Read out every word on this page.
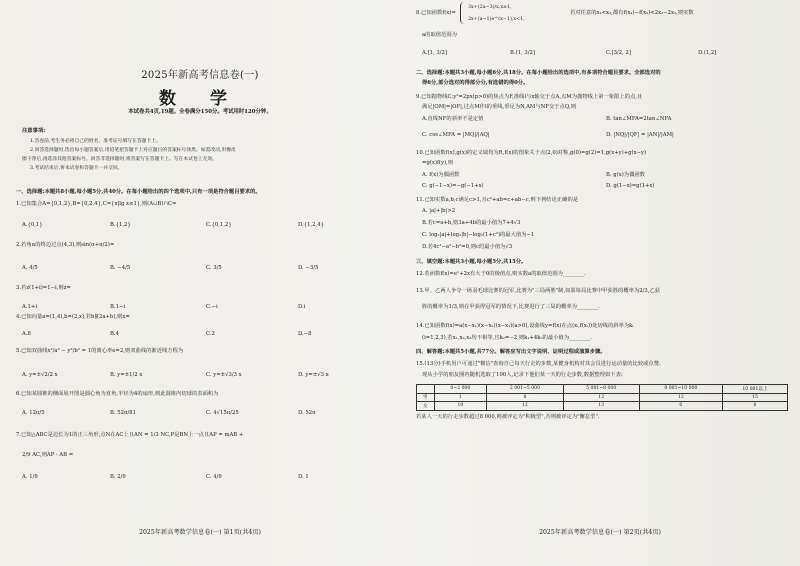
2025年新高考信息卷(一)
数 学
本试卷共4页,19题。全卷满分150分。考试用时120分钟。
注意事项:
1.答卷前,考生务必将自己的姓名、准考证号填写在答题卡上。
2.回答选择题时,选出每小题答案后,用铅笔把答题卡上对应题目的答案标号涂黑。如需改动,用橡皮
擦干净后,再选涂其他答案标号。回答非选择题时,将答案写在答题卡上。写在本试卷上无效。
3.考试结束后,将本试卷和答题卡一并交回。
一、选择题:本题共8小题,每小题5分,共40分。在每小题给出的四个选项中,只有一项是符合题目要求的。
1.已知集合A={0,1,2},B={0,2,4},C={x|lg x≤1},则(A∪B)∩C=
A.{0,1}	B.{1,2}	C.{0,1,2}	D.{1,2,4}
2.若角α的终边过点(4,3),则sin(α+π/2)=
A. 4/5	B. −4/5	C. 3/5	D. −3/5
3.若z(1+i)=1−i,则z=
A.1+i	B.1−i	C.−i	D.i
4.已知向量a=(1,4),b=(2,x),若b∥(2a+b),则x=
A.8	B.4	C.2	D.−8
5.已知双曲线x²/a² − y²/b² = 1的离心率e=2,则双曲线的渐近线方程为
A. y=±√2/2 x	B. y=±1/2 x	C. y=±√3/3 x	D. y=±√3 x
6.已知某圆锥的侧面展开图是圆心角为直角,半径为4的扇形,则此圆锥内切球的表面积为
A. 12π/5	B. 52π/81	C. 4√15π/25	D. 52π
7.已知△ABC是边长为1的正三角形,点N在AC上且AN = 1/3 NC,P是BN上一点且AP = mAB +
2/9 AC,则AP · AB =
A. 1/9	B. 2/9	C. 4/9	D. 1
2025年新高考数学信息卷(一) 第1页(共4页)
8.已知函数f(x)=
3x+(2a−3)/x,x≥1,
2x+(a−1)e^(x−1),x<1,
若对任意的x₁<x₂,都有f(x₁)−f(x₂)<2x₁−2x₂,则实数
a的取值范围为
A.[1, 3/2]	B.(1, 3/2]	C.[3/2, 2]	D.(1,2]
二、选择题:本题共3小题,每小题6分,共18分。在每小题给出的选项中,有多项符合题目要求。全部选对的
得6分,部分选对的得部分分,有选错的得0分。
9.已知抛物线C:y²=2px(p>0)的焦点为F,准线l与x轴交于点A,点M为抛物线上第一象限上的点,且
满足|OM|=|OF|,过点M作l的垂线,垂足为N,AM与NF交于点Q,则
A.直线NF的斜率不是定值	B. tan∠MFA=2tan∠NFA
C. cos∠MFA = |MQ|/|AQ|	D. |NQ|/|QF| = |AN|/|AM|
10.已知函数f(x),g(x)的定义域均为R,f(x)的图象关于点(2,0)对称,g(0)=g(2)=1,g(x+y)+g(x−y)
=g(x)f(y),则
A. f(x)为偶函数	B. g(x)为偶函数
C. g(−1−x)=−g(−1+x)	D. g(1−x)=g(1+x)
11.已知实数a,b,c满足c>1,且c²+ab=c+ab−c,则下列结论正确的是
A. |a|+|b|>2
B.若c=a+b,则3a+4b的最小值为7+4√3
C. log₂|a|+log₂|b|−log₂(1+c²)的最大值为−1
D.若4c²−a²−b²=0,则c的最小值为√3
三、填空题:本题共3小题,每小题5分,共15分。
12.若函数f(x)=eˣ+2x有大于0的极值点,则实数a的取值范围为________.
13.甲、乙两人争夺一场羽毛球比赛的冠军,比赛为"三局两胜"制,如果每局比赛中甲获胜的概率为2/3,乙获
胜的概率为1/3,则在甲获得冠军的情况下,比赛进行了三局的概率为________.
14.已知函数f(x)=a(x−x₁)(x−x₂)(x−x₃)(a>0),设曲线y=f(x)在点(xᵢ,f(xᵢ))处切线的斜率为kᵢ
(i=1,2,3),若x₁,x₂,x₃均不相等,且k₂=−2,则k₁+4k₃的最小值为________.
四、解答题:本题共5小题,共77分。解答应写出文字说明、证明过程或演算步骤。
15.(13分)手机用户可通过"微信"查询自己每天行走的步数,某健身机构对其会员进行运动量的比较或点赞.
现从小学的朋友圈内随机选取了100人,记录下他们某一天的行走步数,数据整理如下表:
	0~2 000	2 001~5 000	5 001~8 000	8 001~10 000	10 001以上
男	1	8	12	12	15
女	10	12	13	6	6
若某人一天的行走步数超过8 000,则被评定为"积极型",否则被评定为"懈怠型".
2025年新高考数学信息卷(一) 第2页(共4页)
